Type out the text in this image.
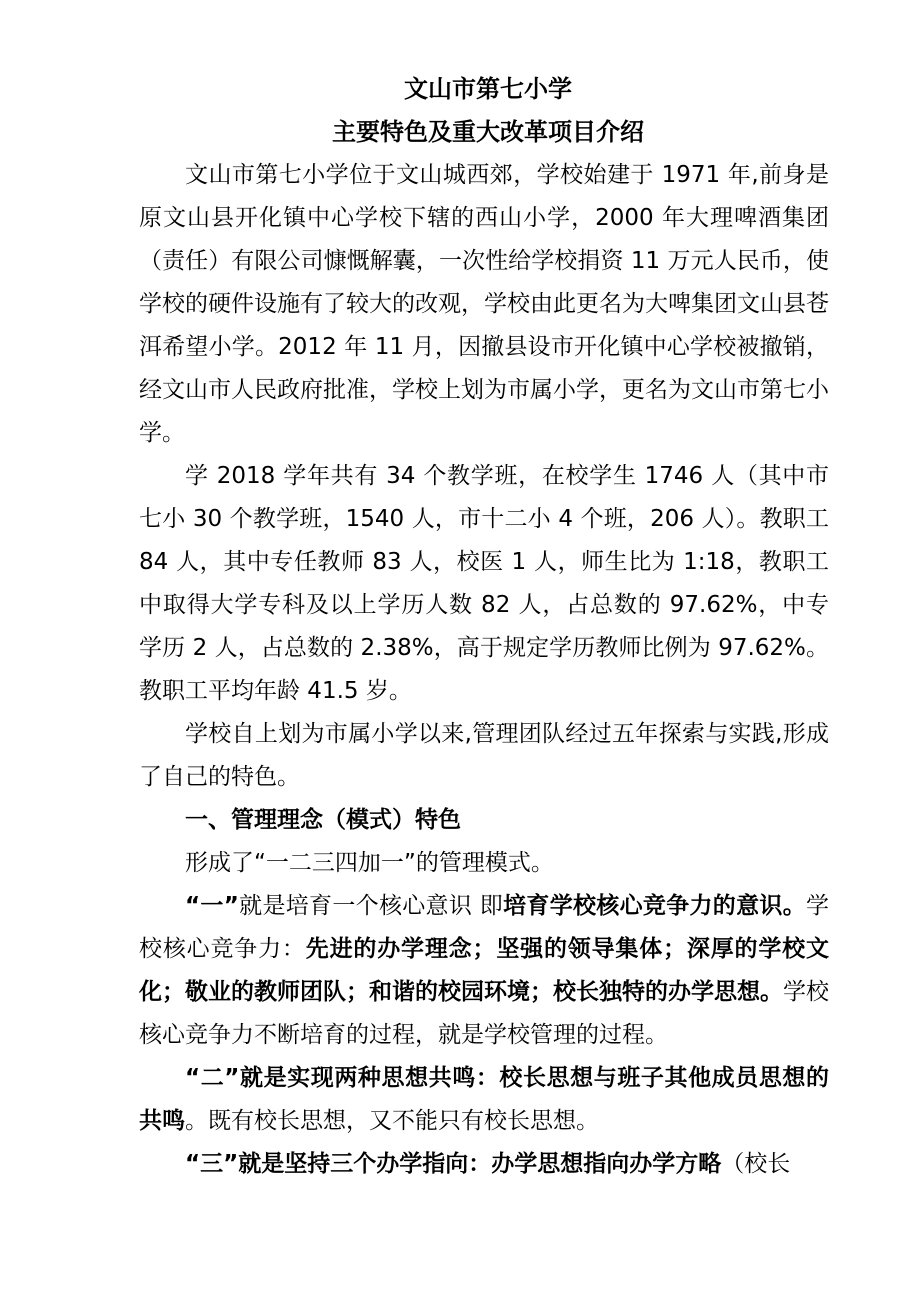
文山市第七小学

主要特色及重大改革项目介绍

文山市第七小学位于文山城西郊，学校始建于 1971 年,前身是原文山县开化镇中心学校下辖的西山小学，2000 年大理啤酒集团（责任）有限公司慷慨解囊，一次性给学校捐资 11 万元人民币，使学校的硬件设施有了较大的改观，学校由此更名为大啤集团文山县苍洱希望小学。2012 年 11 月，因撤县设市开化镇中心学校被撤销，经文山市人民政府批准，学校上划为市属小学，更名为文山市第七小学。

学 2018 学年共有 34 个教学班，在校学生 1746 人（其中市七小 30 个教学班，1540 人，市十二小 4 个班，206 人）。教职工 84 人，其中专任教师 83 人，校医 1 人，师生比为 1:18，教职工中取得大学专科及以上学历人数 82 人，占总数的 97.62%，中专学历 2 人，占总数的 2.38%，高于规定学历教师比例为 97.62%。教职工平均年龄 41.5 岁。

学校自上划为市属小学以来,管理团队经过五年探索与实践,形成了自己的特色。

一、管理理念（模式）特色

形成了“一二三四加一”的管理模式。

“一”就是培育一个核心意识 即培育学校核心竞争力的意识。学校核心竞争力：先进的办学理念；坚强的领导集体；深厚的学校文化；敬业的教师团队；和谐的校园环境；校长独特的办学思想。学校核心竞争力不断培育的过程，就是学校管理的过程。

“二”就是实现两种思想共鸣：校长思想与班子其他成员思想的共鸣。既有校长思想，又不能只有校长思想。

“三”就是坚持三个办学指向：办学思想指向办学方略（校长
